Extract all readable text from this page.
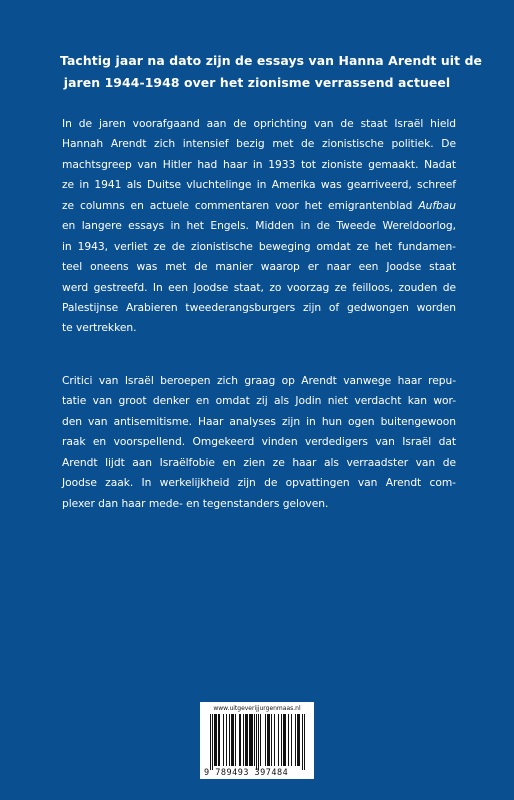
Tachtig jaar na dato zijn de essays van Hanna Arendt uit de
jaren 1944-1948 over het zionisme verrassend actueel
In de jaren voorafgaand aan de oprichting van de staat Israël hield
Hannah Arendt zich intensief bezig met de zionistische politiek. De
machtsgreep van Hitler had haar in 1933 tot zioniste gemaakt. Nadat
ze in 1941 als Duitse vluchtelinge in Amerika was gearriveerd, schreef
ze columns en actuele commentaren voor het emigrantenblad Aufbau
en langere essays in het Engels. Midden in de Tweede Wereldoorlog,
in 1943, verliet ze de zionistische beweging omdat ze het fundamen-
teel oneens was met de manier waarop er naar een Joodse staat
werd gestreefd. In een Joodse staat, zo voorzag ze feilloos, zouden de
Palestijnse Arabieren tweederangsburgers zijn of gedwongen worden
te vertrekken.
Critici van Israël beroepen zich graag op Arendt vanwege haar repu-
tatie van groot denker en omdat zij als Jodin niet verdacht kan wor-
den van antisemitisme. Haar analyses zijn in hun ogen buitengewoon
raak en voorspellend. Omgekeerd vinden verdedigers van Israël dat
Arendt lijdt aan Israëlfobie en zien ze haar als verraadster van de
Joodse zaak. In werkelijkheid zijn de opvattingen van Arendt com-
plexer dan haar mede- en tegenstanders geloven.
www.uitgeverijjurgenmaas.nl
9 789493 397484
